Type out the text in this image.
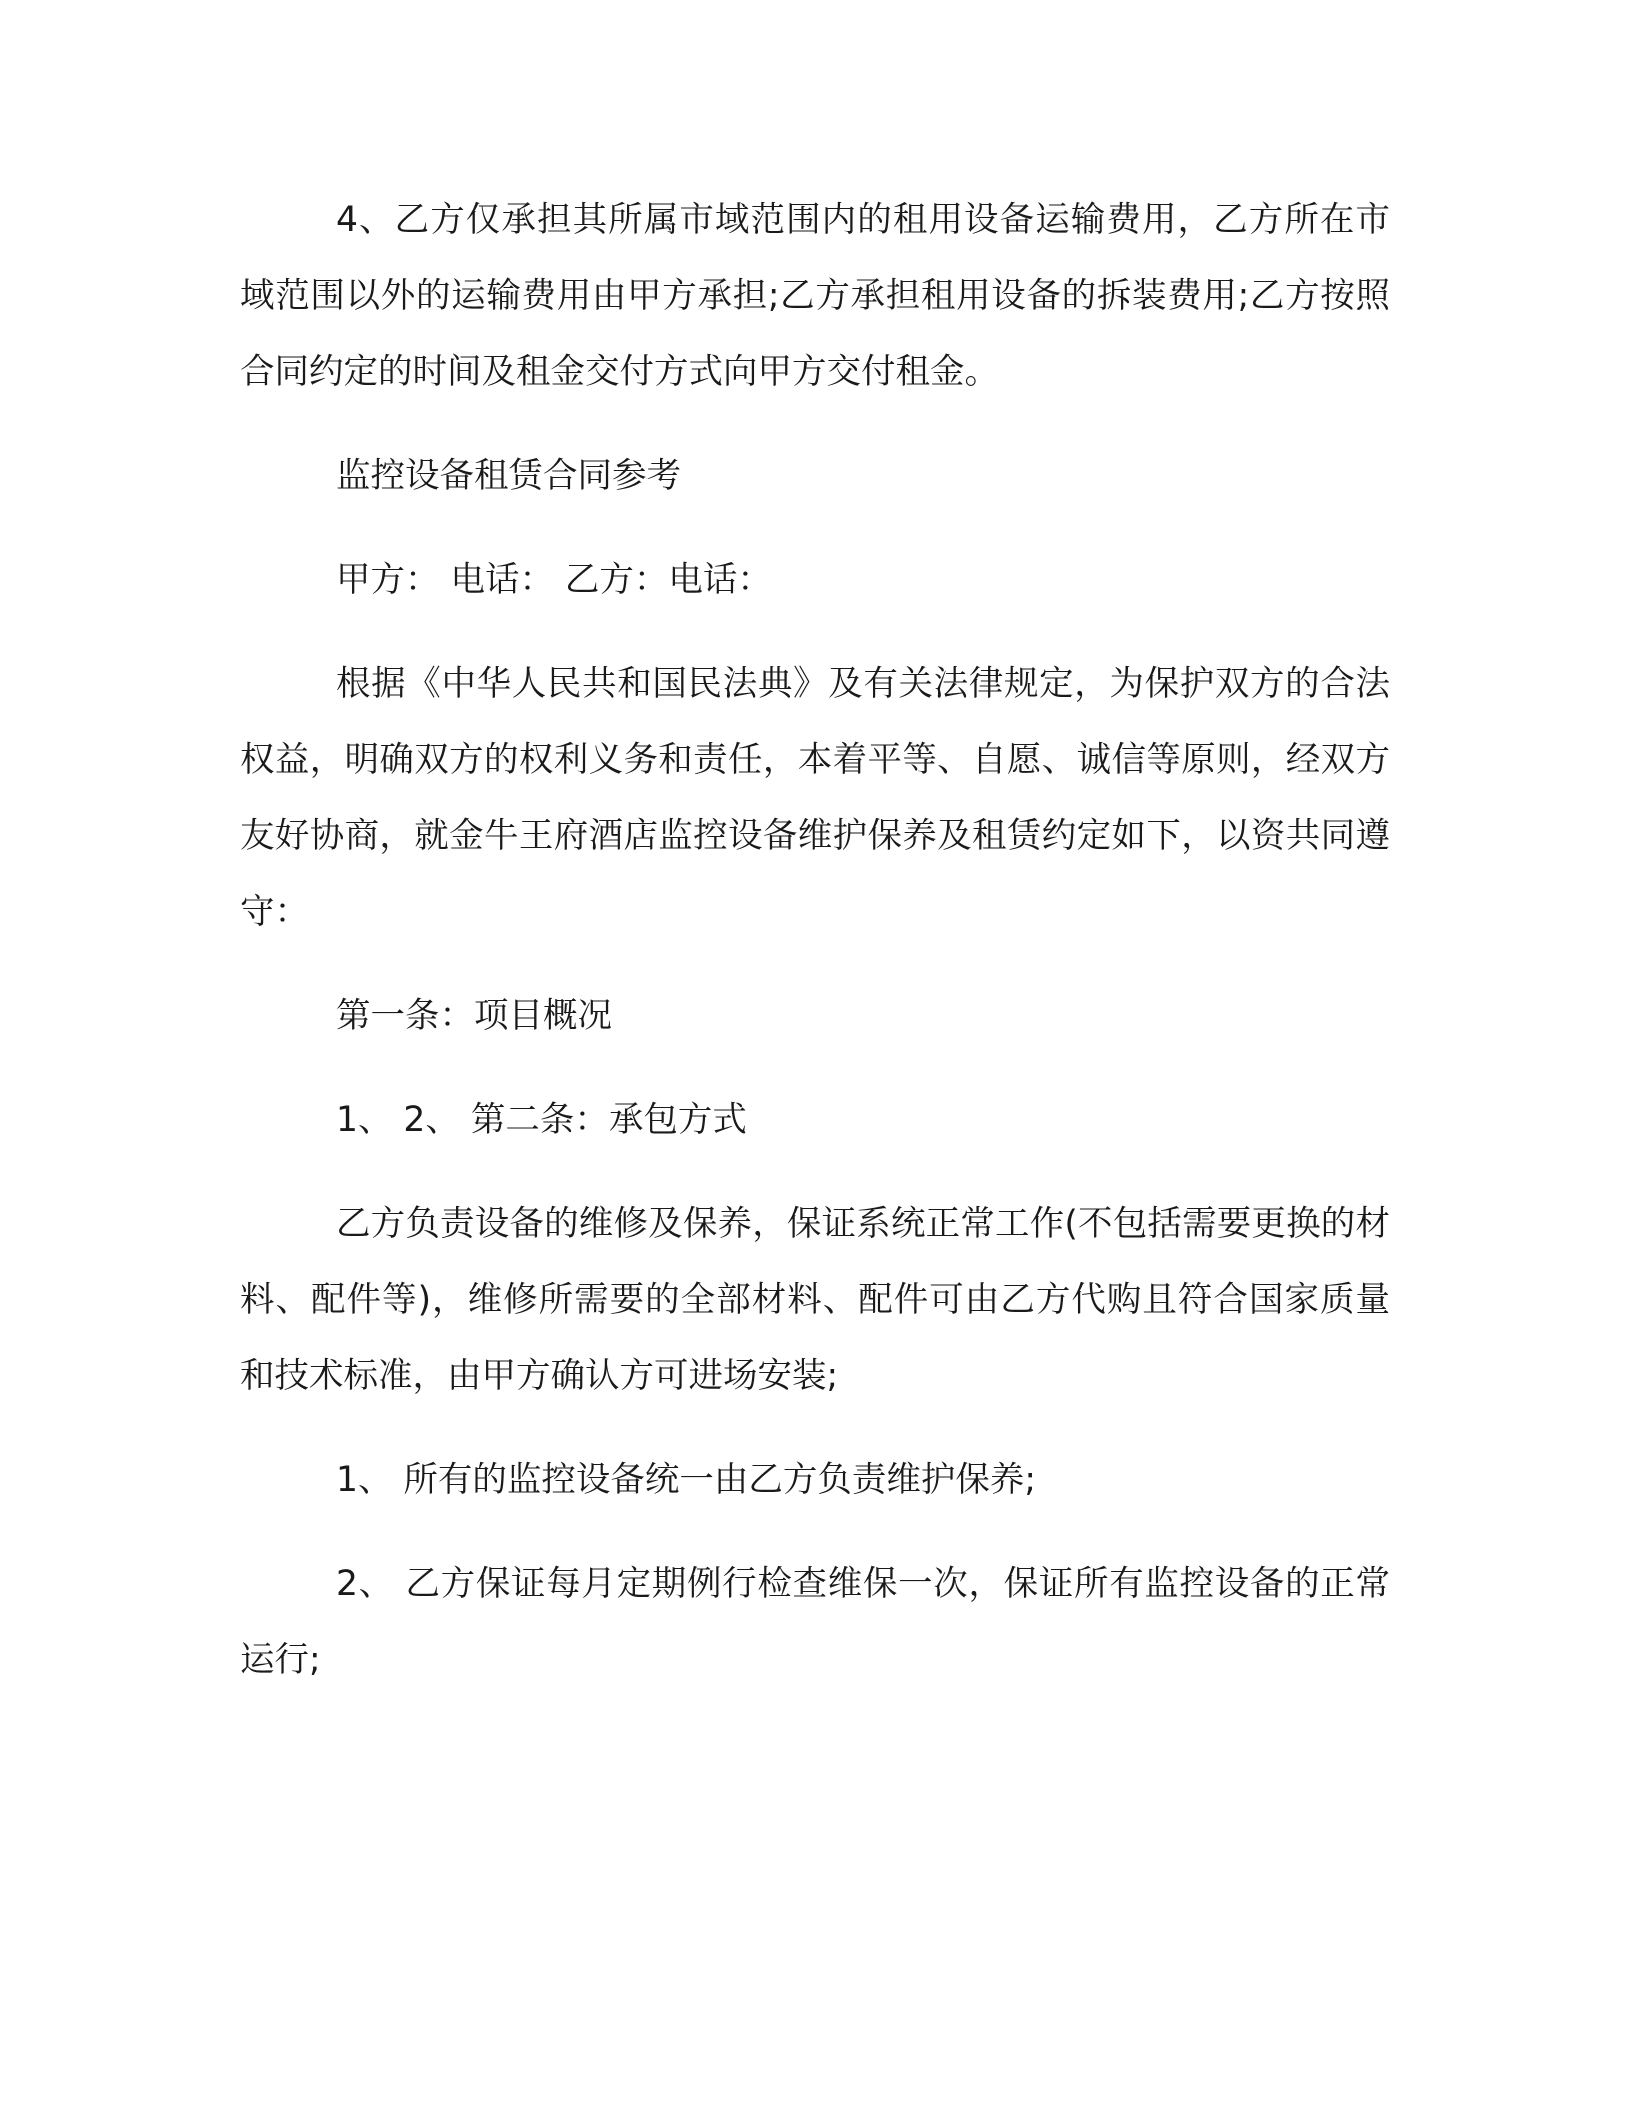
4、乙方仅承担其所属市域范围内的租用设备运输费用，乙方所在市域范围以外的运输费用由甲方承担;乙方承担租用设备的拆装费用;乙方按照合同约定的时间及租金交付方式向甲方交付租金。

监控设备租赁合同参考

甲方： 电话： 乙方：电话：

根据《中华人民共和国民法典》及有关法律规定，为保护双方的合法权益，明确双方的权利义务和责任，本着平等、自愿、诚信等原则，经双方友好协商，就金牛王府酒店监控设备维护保养及租赁约定如下，以资共同遵守：

第一条：项目概况

1、 2、 第二条：承包方式

乙方负责设备的维修及保养，保证系统正常工作(不包括需要更换的材料、配件等)，维修所需要的全部材料、配件可由乙方代购且符合国家质量和技术标准，由甲方确认方可进场安装;

1、 所有的监控设备统一由乙方负责维护保养;

2、 乙方保证每月定期例行检查维保一次，保证所有监控设备的正常运行;
